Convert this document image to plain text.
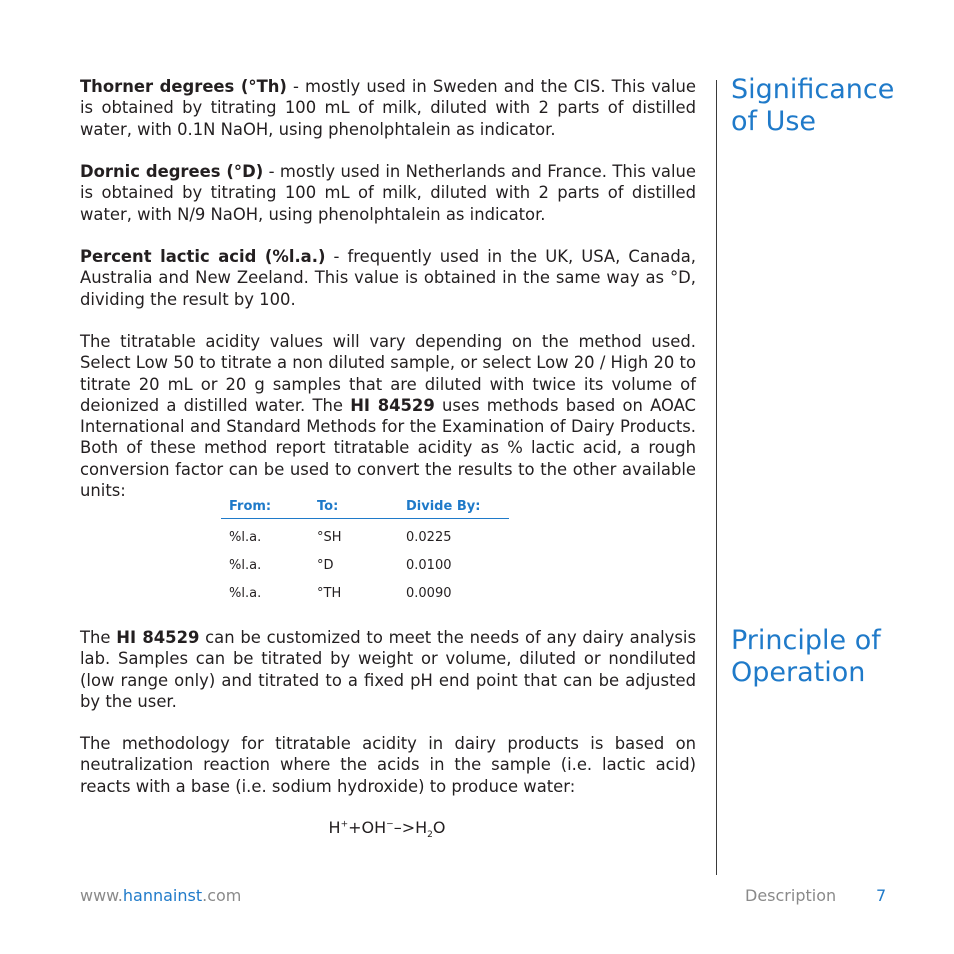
Thorner degrees (°Th) - mostly used in Sweden and the CIS. This value is obtained by titrating 100 mL of milk, diluted with 2 parts of distilled water, with 0.1N NaOH, using phenolphtalein as indicator.

Dornic degrees (°D) - mostly used in Netherlands and France. This value is obtained by titrating 100 mL of milk, diluted with 2 parts of distilled water, with N/9 NaOH, using phenolphtalein as indicator.

Percent lactic acid (%l.a.) - frequently used in the UK, USA, Canada, Australia and New Zeeland. This value is obtained in the same way as °D, dividing the result by 100.

The titratable acidity values will vary depending on the method used. Select Low 50 to titrate a non diluted sample, or select Low 20 / High 20 to titrate 20 mL or 20 g samples that are diluted with twice its volume of deionized a distilled water. The HI 84529 uses methods based on AOAC International and Standard Methods for the Examination of Dairy Products. Both of these method report titratable acidity as % lactic acid, a rough conversion factor can be used to convert the results to the other available units:

From:	To:	Divide By:
%l.a.	°SH	0.0225
%l.a.	°D	0.0100
%l.a.	°TH	0.0090

The HI 84529 can be customized to meet the needs of any dairy analysis lab. Samples can be titrated by weight or volume, diluted or nondiluted (low range only) and titrated to a fixed pH end point that can be adjusted by the user.

The methodology for titratable acidity in dairy products is based on neutralization reaction where the acids in the sample (i.e. lactic acid) reacts with a base (i.e. sodium hydroxide) to produce water:

$H^++OH^-->H_2O$
Significance
of Use
Principle of
Operation
www.hannainst.com	Description 7
